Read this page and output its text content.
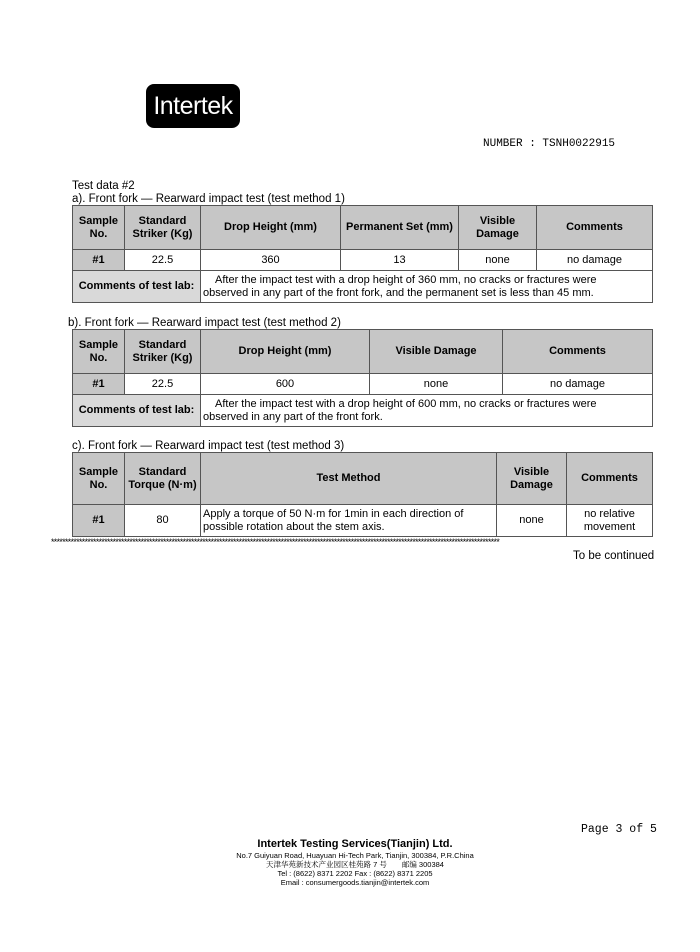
Intertek
NUMBER : TSNH0022915
Test data #2
a). Front fork — Rearward impact test (test method 1)
Sample No.	Standard Striker (Kg)	Drop Height (mm)	Permanent Set (mm)	Visible Damage	Comments
#1	22.5	360	13	none	no damage
Comments of test lab:		After the impact test with a drop height of 360 mm, no cracks or fractures were
observed in any part of the front fork, and the permanent set is less than 45 mm.			
b). Front fork — Rearward impact test (test method 2)
Sample No.	Standard Striker (Kg)	Drop Height (mm)	Visible Damage	Comments
#1	22.5	600	none	no damage
Comments of test lab:		After the impact test with a drop height of 600 mm, no cracks or fractures were
observed in any part of the front fork.		
c). Front fork — Rearward impact test (test method 3)
Sample No.	Standard Torque (N·m)	Test Method	Visible Damage	Comments
#1	80	Apply a torque of 50 N·m for 1min in each direction of possible rotation about the stem axis.	none	no relative movement
****************************************************************************************************************************************************************
To be continued
Page 3 of 5
Intertek Testing Services(Tianjin) Ltd.
No.7 Guiyuan Road, Huayuan Hi-Tech Park, Tianjin, 300384, P.R.China
天津华苑新技术产业园区桂苑路 7 号　　邮编 300384
Tel : (8622) 8371 2202 Fax : (8622) 8371 2205
Email : consumergoods.tianjin@intertek.com
